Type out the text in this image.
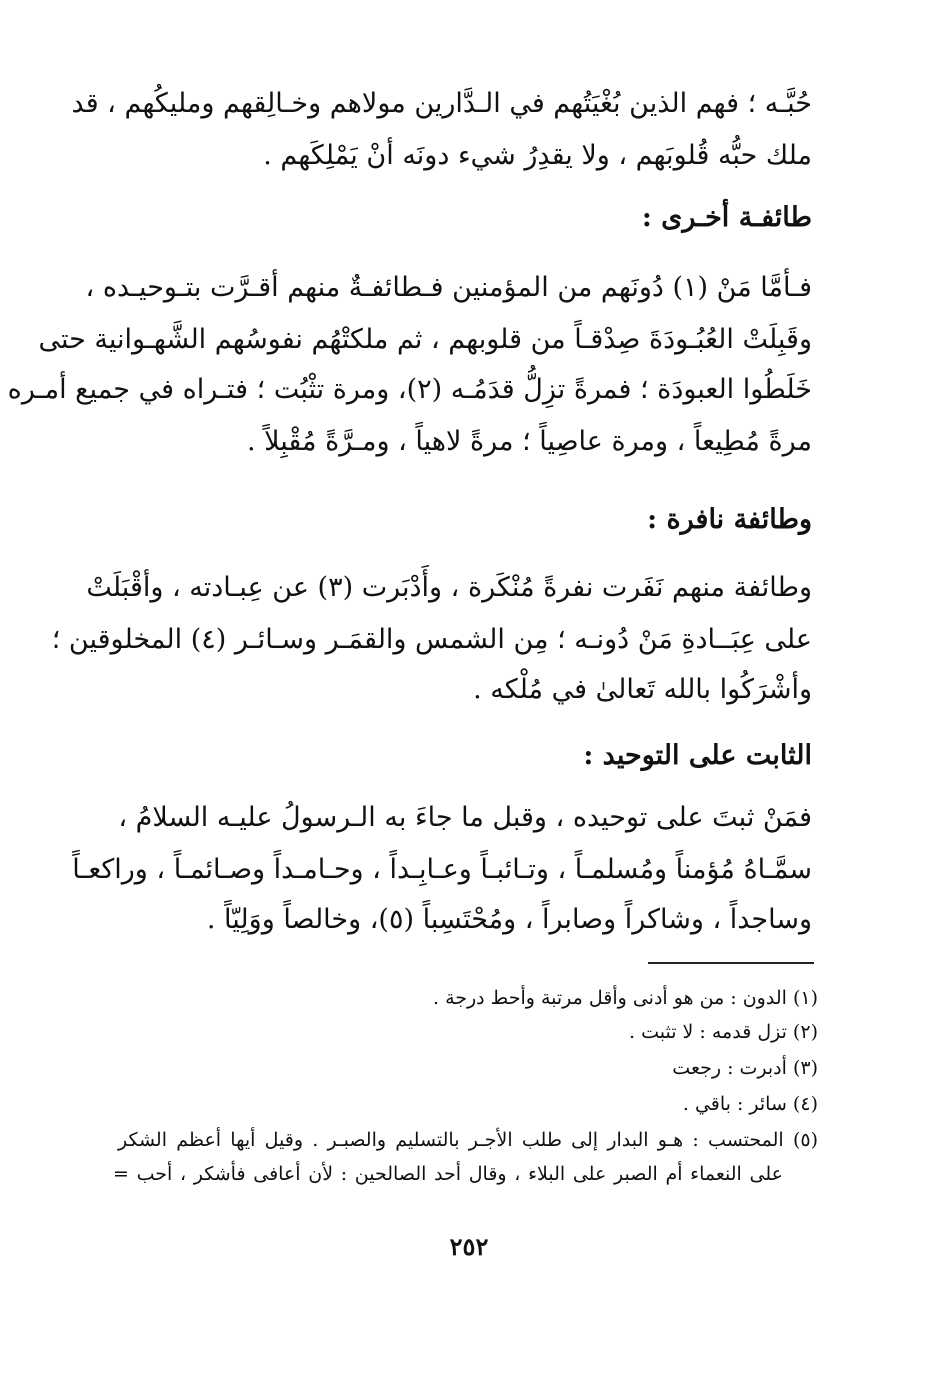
حُبَّـه ؛ فهم الذين بُغْيَتُهم في الـدَّارين مولاهم وخـالِقهم ومليكُهم ، قد
ملك حبُّه قُلوبَهم ، ولا يقدِرُ شيء دونَه أنْ يَمْلِكَهم .
طائفـة أخـرى :
فـأمَّا مَنْ (١) دُونَهم من المؤمنين فـطائفـةٌ منهم أقـرَّت بتـوحيـده ،
وقَبِلَتْ العُبُـودَةَ صِدْقـاً من قلوبهم ، ثم ملكتْهُم نفوسُهم الشَّهـوانية حتى
خَلَطُوا العبودَة ؛ فمرةً تزِلُّ قدَمُـه (٢)، ومرة تثْبُت ؛ فتـراه في جميع أمـره
مرةً مُطِيعاً ، ومرة عاصِياً ؛ مرةً لاهياً ، ومـرَّةً مُقْبِلاً .
وطائفة نافرة :
وطائفة منهم نَفَرت نفرةً مُنْكَرة ، وأَدْبَرت (٣) عن عِبـادته ، وأقْبَلَتْ
على عِبَــادةِ مَنْ دُونـه ؛ مِن الشمس والقمَـر وسـائـر (٤) المخلوقين ؛
وأشْرَكُوا بالله تَعالىٰ في مُلْكه .
الثابت على التوحيد :
فمَنْ ثبتَ على توحيده ، وقبل ما جاءَ به الـرسولُ عليـه السلامُ ،
سمَّـاهُ مُؤمناً ومُسلمـاً ، وتـائبـاً وعـابِـداً ، وحـامـداً وصـائمـاً ، وراكعـاً
وساجداً ، وشاكراً وصابراً ، ومُحْتَسِباً (٥)، وخالصاً ووَلِيّاً .
(١) الدون : من هو أدنى وأقل مرتبة وأحط درجة .
(٢) تزل قدمه : لا تثبت .
(٣) أدبرت : رجعت
(٤) سائر : باقي .
(٥) المحتسب : هـو البدار إلى طلب الأجـر بالتسليم والصبـر . وقيل أيها أعظم الشكر
على النعماء أم الصبر على البلاء ، وقال أحد الصالحين : لأن أعافى فأشكر ، أحب =
٢٥٢
